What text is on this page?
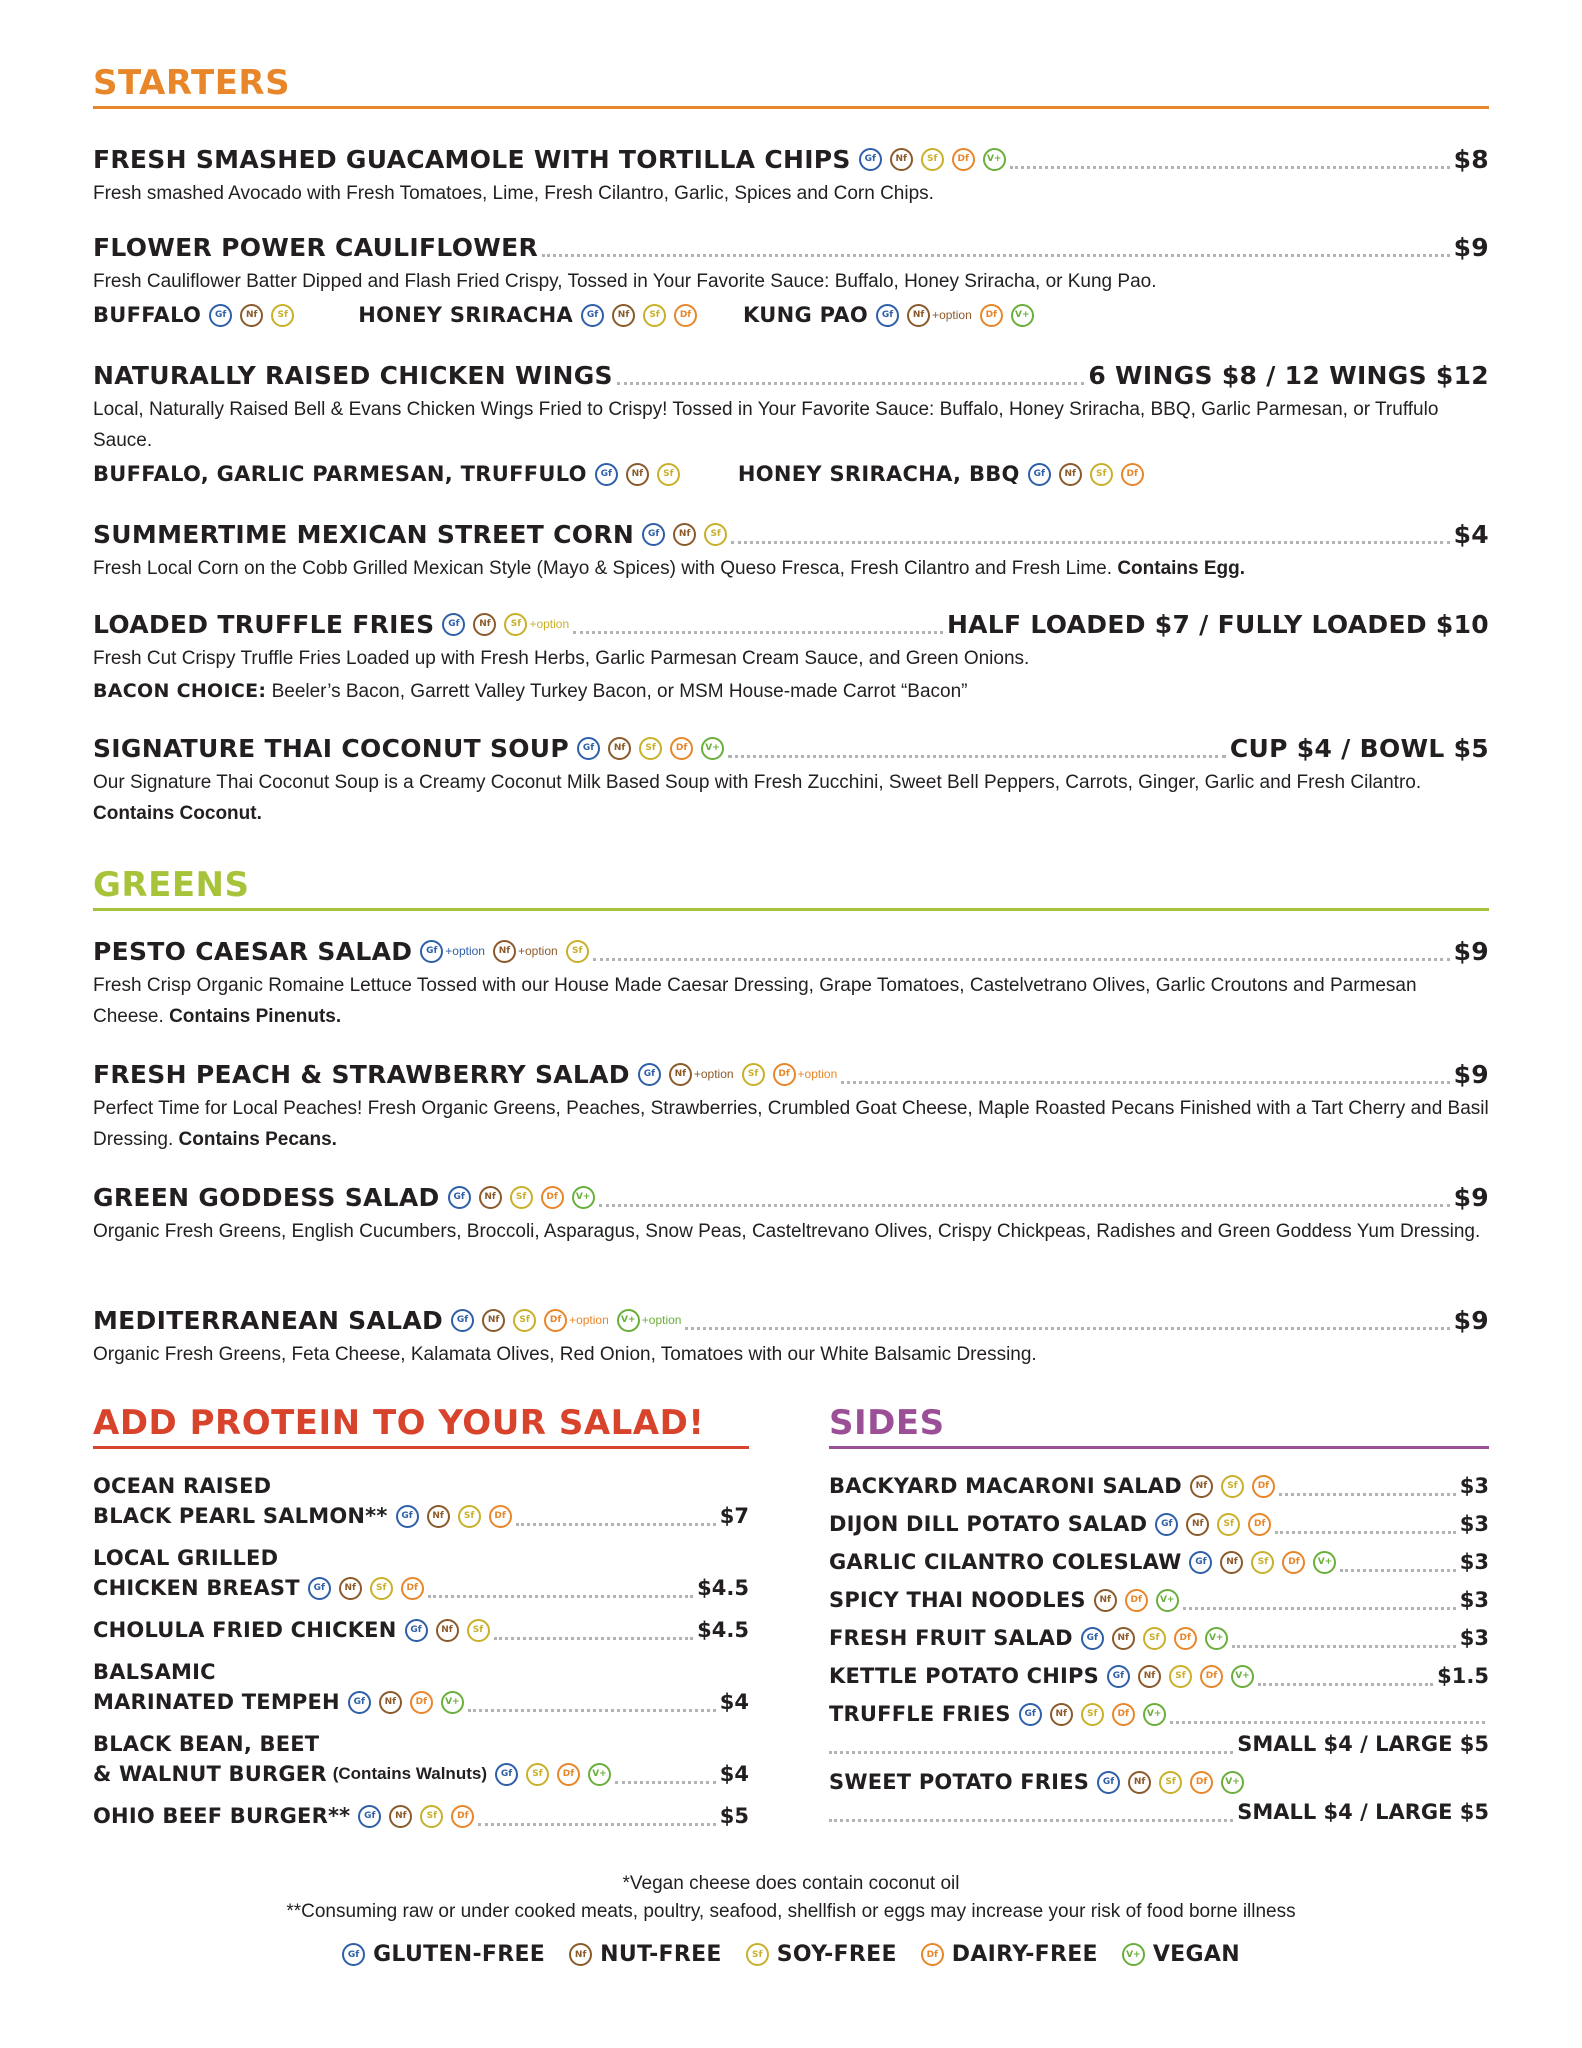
STARTERS
FRESH SMASHED GUACAMOLE WITH TORTILLA CHIPS	Gf	Nf	Sf	Df	V+	$8
Fresh smashed Avocado with Fresh Tomatoes, Lime, Fresh Cilantro, Garlic, Spices and Corn Chips.
FLOWER POWER CAULIFLOWER	$9
Fresh Cauliflower Batter Dipped and Flash Fried Crispy, Tossed in Your Favorite Sauce: Buffalo, Honey Sriracha, or Kung Pao.
BUFFALO	Gf	Nf	Sf	HONEY SRIRACHA	Gf	Nf	Sf	Df KUNG PAO	Gf	Nf +option	Df	V+
NATURALLY RAISED CHICKEN WINGS	6 WINGS $8 / 12 WINGS $12
Local, Naturally Raised Bell & Evans Chicken Wings Fried to Crispy! Tossed in Your Favorite Sauce: Buffalo, Honey Sriracha, BBQ, Garlic Parmesan, or Truffulo Sauce.
BUFFALO, GARLIC PARMESAN, TRUFFULO	Gf	Nf	Sf	HONEY SRIRACHA, BBQ	Gf	Nf	Sf	Df
SUMMERTIME MEXICAN STREET CORN	Gf	Nf	Sf	$4
Fresh Local Corn on the Cobb Grilled Mexican Style (Mayo & Spices) with Queso Fresca, Fresh Cilantro and Fresh Lime. Contains Egg.
LOADED TRUFFLE FRIES	Gf	Nf	Sf +option	HALF LOADED $7 / FULLY LOADED $10
Fresh Cut Crispy Truffle Fries Loaded up with Fresh Herbs, Garlic Parmesan Cream Sauce, and Green Onions.
BACON CHOICE: Beeler’s Bacon, Garrett Valley Turkey Bacon, or MSM House-made Carrot “Bacon”
SIGNATURE THAI COCONUT SOUP	Gf	Nf	Sf	Df	V+	CUP $4 / BOWL $5
Our Signature Thai Coconut Soup is a Creamy Coconut Milk Based Soup with Fresh Zucchini, Sweet Bell Peppers, Carrots, Ginger, Garlic and Fresh Cilantro. Contains Coconut.
GREENS
PESTO CAESAR SALAD	Gf +option	Nf +option	Sf	$9
Fresh Crisp Organic Romaine Lettuce Tossed with our House Made Caesar Dressing, Grape Tomatoes, Castelvetrano Olives, Garlic Croutons and Parmesan Cheese. Contains Pinenuts.
FRESH PEACH & STRAWBERRY SALAD	Gf	Nf +option	Sf	Df +option	$9
Perfect Time for Local Peaches! Fresh Organic Greens, Peaches, Strawberries, Crumbled Goat Cheese, Maple Roasted Pecans Finished with a Tart Cherry and Basil Dressing. Contains Pecans.
GREEN GODDESS SALAD	Gf	Nf	Sf	Df	V+	$9
Organic Fresh Greens, English Cucumbers, Broccoli, Asparagus, Snow Peas, Casteltrevano Olives, Crispy Chickpeas, Radishes and Green Goddess Yum Dressing.
MEDITERRANEAN SALAD	Gf	Nf	Sf	Df +option	V+ +option	$9
Organic Fresh Greens, Feta Cheese, Kalamata Olives, Red Onion, Tomatoes with our White Balsamic Dressing.
ADD PROTEIN TO YOUR SALAD!
OCEAN RAISED
BLACK PEARL SALMON**	Gf	Nf	Sf	Df	$7
LOCAL GRILLED
CHICKEN BREAST	Gf	Nf	Sf	Df	$4.5
CHOLULA FRIED CHICKEN	Gf	Nf	Sf	$4.5
BALSAMIC
MARINATED TEMPEH	Gf	Nf	Df	V+	$4
BLACK BEAN, BEET
& WALNUT BURGER (Contains Walnuts)	Gf	Sf	Df	V+	$4
OHIO BEEF BURGER**	Gf	Nf	Sf	Df	$5
SIDES
BACKYARD MACARONI SALAD	Nf	Sf	Df	$3
DIJON DILL POTATO SALAD	Gf	Nf	Sf	Df	$3
GARLIC CILANTRO COLESLAW	Gf	Nf	Sf	Df	V+	$3
SPICY THAI NOODLES	Nf	Df	V+	$3
FRESH FRUIT SALAD	Gf	Nf	Sf	Df	V+	$3
KETTLE POTATO CHIPS	Gf	Nf	Sf	Df	V+	$1.5
TRUFFLE FRIES	Gf	Nf	Sf	Df	V+
SMALL $4 / LARGE $5
SWEET POTATO FRIES	Gf	Nf	Sf	Df	V+
SMALL $4 / LARGE $5
*Vegan cheese does contain coconut oil
**Consuming raw or under cooked meats, poultry, seafood, shellfish or eggs may increase your risk of food borne illness
Gf GLUTEN-FREE	Nf NUT-FREE	Sf SOY-FREE	Df DAIRY-FREE	V+ VEGAN
